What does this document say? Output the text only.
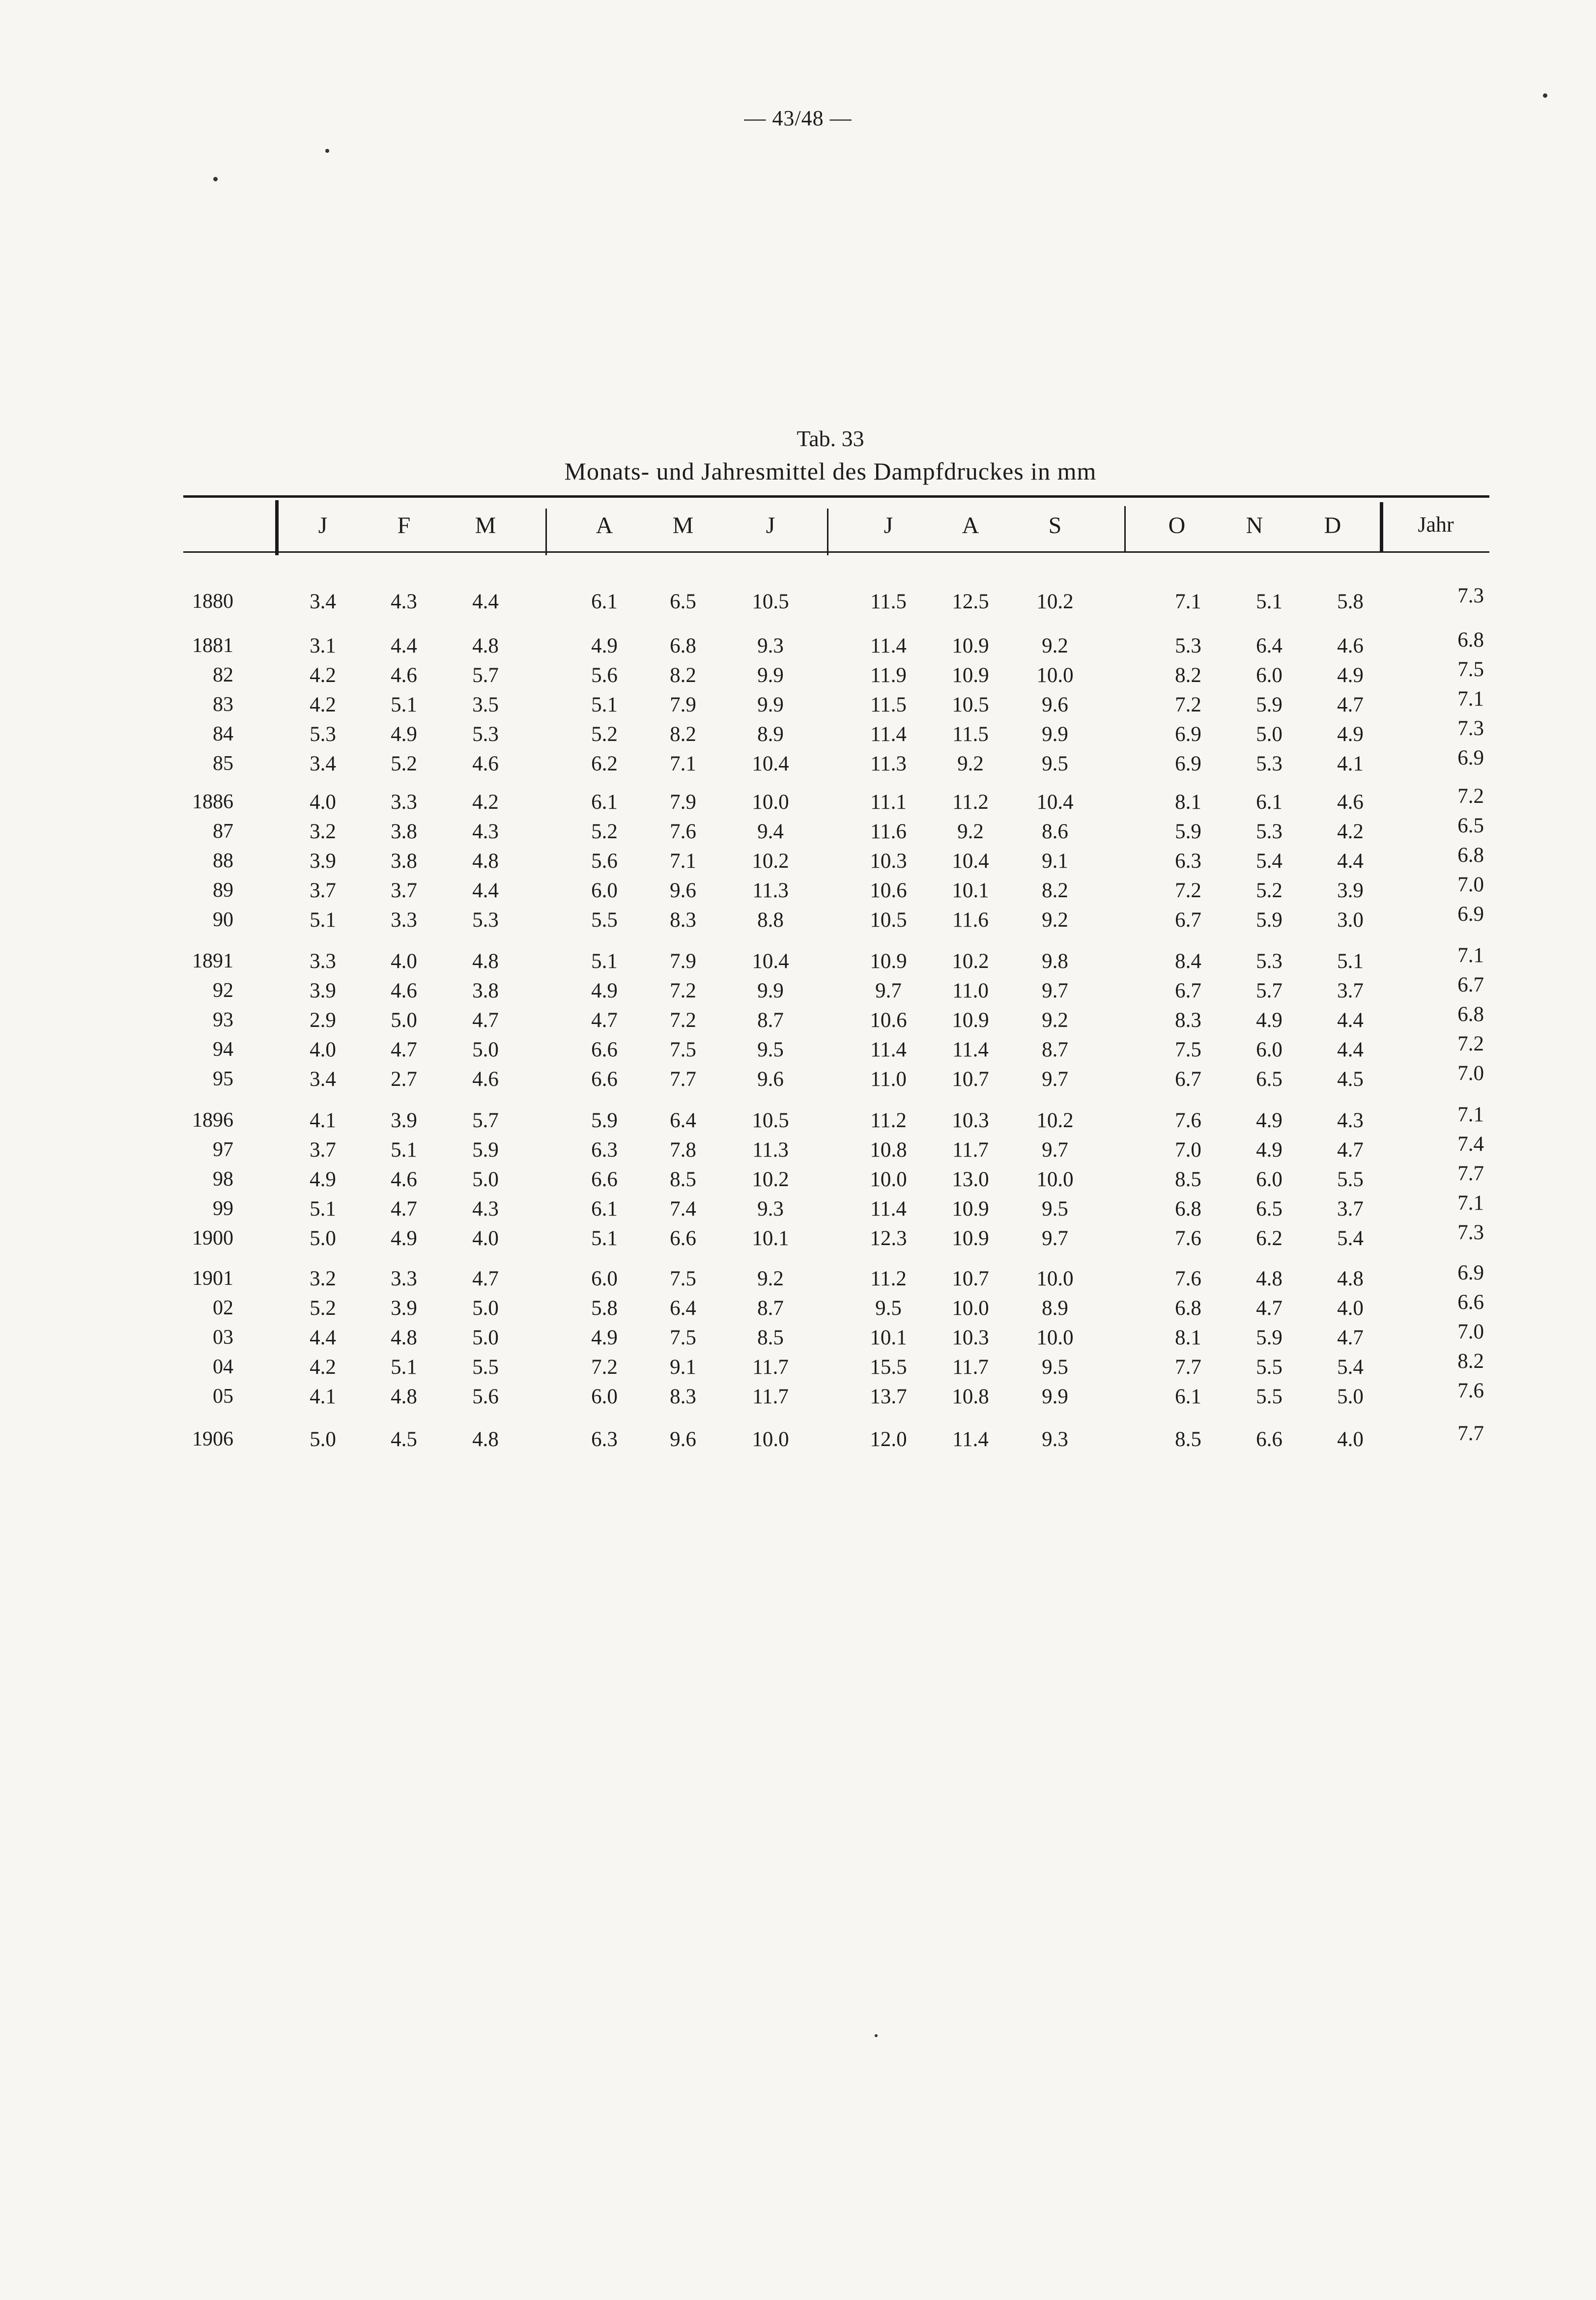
— 43/48 —
Tab. 33
Monats- und Jahresmittel des Dampfdruckes in mm
J	F	M	A	M	J	J	A	S	O	N	D	Jahr
1880	3.4	4.3	4.4	6.1	6.5	10.5	11.5	12.5	10.2	7.1	5.1	5.8	7.3
1881	3.1	4.4	4.8	4.9	6.8	9.3	11.4	10.9	9.2	5.3	6.4	4.6	6.8
82	4.2	4.6	5.7	5.6	8.2	9.9	11.9	10.9	10.0	8.2	6.0	4.9	7.5
83	4.2	5.1	3.5	5.1	7.9	9.9	11.5	10.5	9.6	7.2	5.9	4.7	7.1
84	5.3	4.9	5.3	5.2	8.2	8.9	11.4	11.5	9.9	6.9	5.0	4.9	7.3
85	3.4	5.2	4.6	6.2	7.1	10.4	11.3	9.2	9.5	6.9	5.3	4.1	6.9
1886	4.0	3.3	4.2	6.1	7.9	10.0	11.1	11.2	10.4	8.1	6.1	4.6	7.2
87	3.2	3.8	4.3	5.2	7.6	9.4	11.6	9.2	8.6	5.9	5.3	4.2	6.5
88	3.9	3.8	4.8	5.6	7.1	10.2	10.3	10.4	9.1	6.3	5.4	4.4	6.8
89	3.7	3.7	4.4	6.0	9.6	11.3	10.6	10.1	8.2	7.2	5.2	3.9	7.0
90	5.1	3.3	5.3	5.5	8.3	8.8	10.5	11.6	9.2	6.7	5.9	3.0	6.9
1891	3.3	4.0	4.8	5.1	7.9	10.4	10.9	10.2	9.8	8.4	5.3	5.1	7.1
92	3.9	4.6	3.8	4.9	7.2	9.9	9.7	11.0	9.7	6.7	5.7	3.7	6.7
93	2.9	5.0	4.7	4.7	7.2	8.7	10.6	10.9	9.2	8.3	4.9	4.4	6.8
94	4.0	4.7	5.0	6.6	7.5	9.5	11.4	11.4	8.7	7.5	6.0	4.4	7.2
95	3.4	2.7	4.6	6.6	7.7	9.6	11.0	10.7	9.7	6.7	6.5	4.5	7.0
1896	4.1	3.9	5.7	5.9	6.4	10.5	11.2	10.3	10.2	7.6	4.9	4.3	7.1
97	3.7	5.1	5.9	6.3	7.8	11.3	10.8	11.7	9.7	7.0	4.9	4.7	7.4
98	4.9	4.6	5.0	6.6	8.5	10.2	10.0	13.0	10.0	8.5	6.0	5.5	7.7
99	5.1	4.7	4.3	6.1	7.4	9.3	11.4	10.9	9.5	6.8	6.5	3.7	7.1
1900	5.0	4.9	4.0	5.1	6.6	10.1	12.3	10.9	9.7	7.6	6.2	5.4	7.3
1901	3.2	3.3	4.7	6.0	7.5	9.2	11.2	10.7	10.0	7.6	4.8	4.8	6.9
02	5.2	3.9	5.0	5.8	6.4	8.7	9.5	10.0	8.9	6.8	4.7	4.0	6.6
03	4.4	4.8	5.0	4.9	7.5	8.5	10.1	10.3	10.0	8.1	5.9	4.7	7.0
04	4.2	5.1	5.5	7.2	9.1	11.7	15.5	11.7	9.5	7.7	5.5	5.4	8.2
05	4.1	4.8	5.6	6.0	8.3	11.7	13.7	10.8	9.9	6.1	5.5	5.0	7.6
1906	5.0	4.5	4.8	6.3	9.6	10.0	12.0	11.4	9.3	8.5	6.6	4.0	7.7
